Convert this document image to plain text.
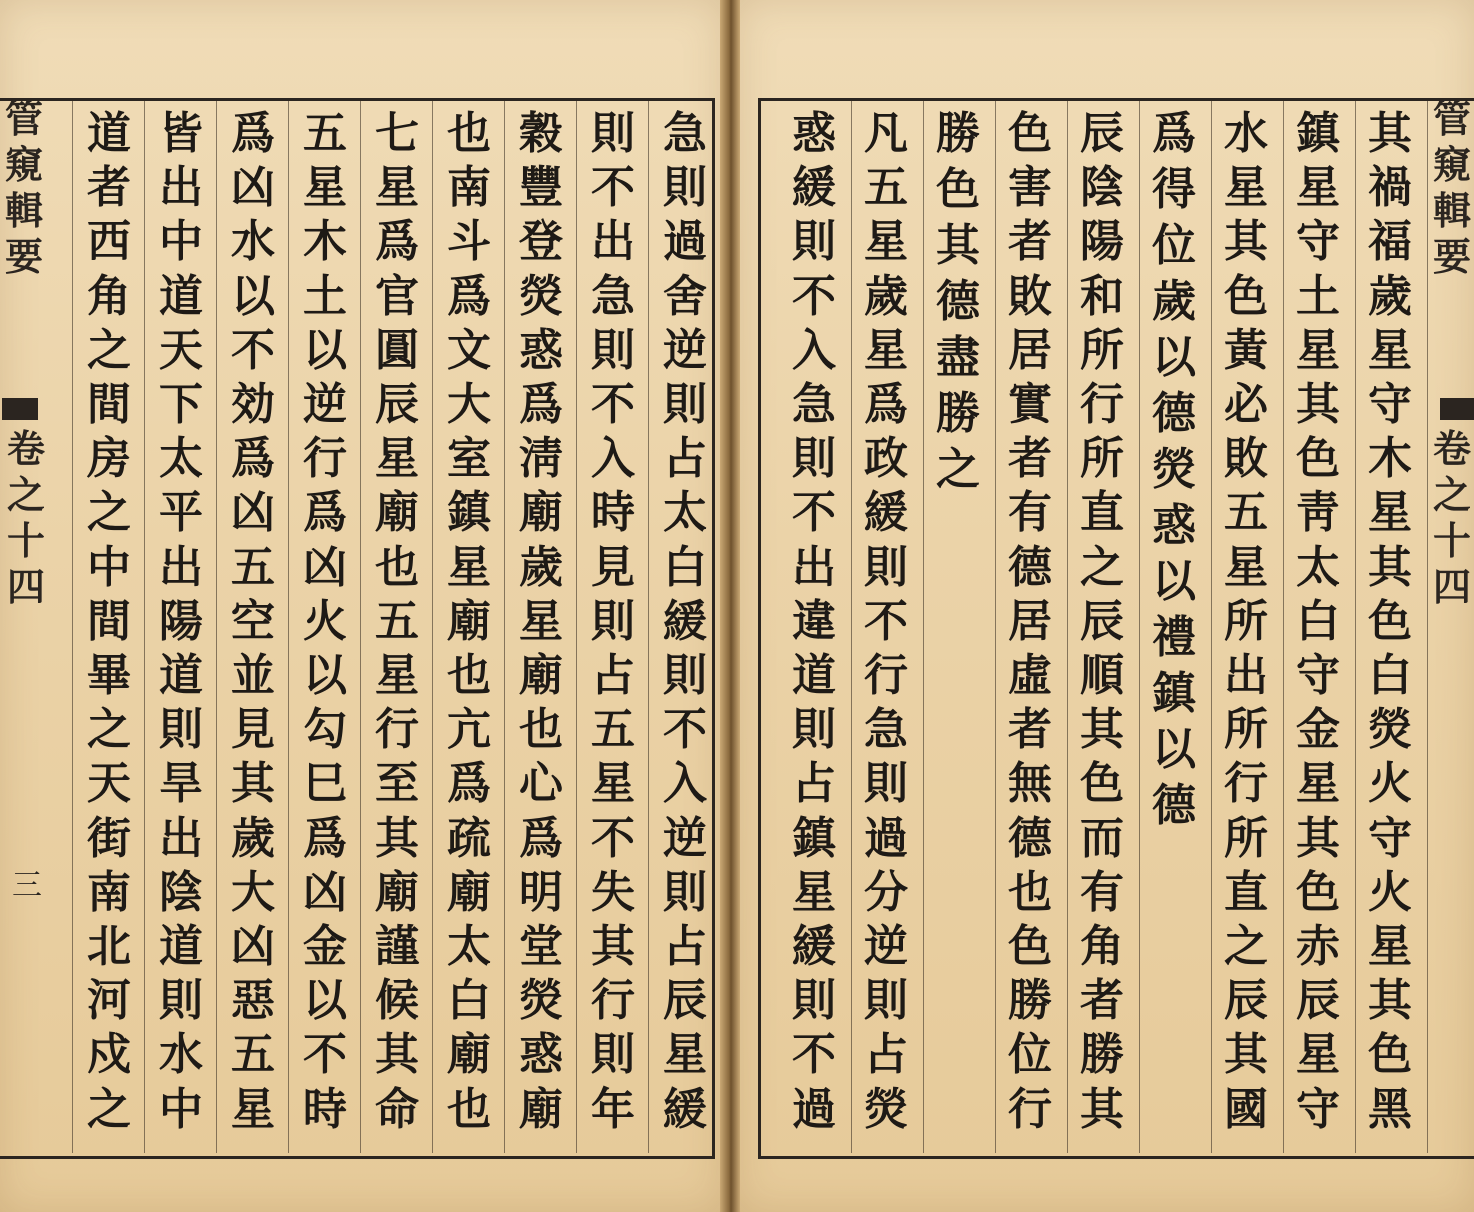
管
窺
輯
要
卷
之
十
四
三
管
窺
輯
要
卷
之
十
四
急
則
過
舍
逆
則
占
太
白
緩
則
不
入
逆
則
占
辰
星
緩
則
不
出
急
則
不
入
時
見
則
占
五
星
不
失
其
行
則
年
穀
豐
登
熒
惑
爲
淸
廟
歲
星
廟
也
心
爲
明
堂
熒
惑
廟
也
南
斗
爲
文
大
室
鎮
星
廟
也
亢
爲
疏
廟
太
白
廟
也
七
星
爲
官
圓
辰
星
廟
也
五
星
行
至
其
廟
謹
候
其
命
五
星
木
土
以
逆
行
爲
凶
火
以
勾
巳
爲
凶
金
以
不
時
爲
凶
水
以
不
効
爲
凶
五
空
並
見
其
歲
大
凶
惡
五
星
皆
出
中
道
天
下
太
平
出
陽
道
則
旱
出
陰
道
則
水
中
道
者
西
角
之
間
房
之
中
間
畢
之
天
街
南
北
河
戍
之
其
禍
福
歲
星
守
木
星
其
色
白
熒
火
守
火
星
其
色
黑
鎮
星
守
土
星
其
色
靑
太
白
守
金
星
其
色
赤
辰
星
守
水
星
其
色
黃
必
敗
五
星
所
出
所
行
所
直
之
辰
其
國
爲
得
位
歲
以
德
熒
惑
以
禮
鎮
以
德
辰
陰
陽
和
所
行
所
直
之
辰
順
其
色
而
有
角
者
勝
其
色
害
者
敗
居
實
者
有
德
居
虛
者
無
德
也
色
勝
位
行
勝
色
其
德
盡
勝
之
凡
五
星
歲
星
爲
政
緩
則
不
行
急
則
過
分
逆
則
占
熒
惑
緩
則
不
入
急
則
不
出
違
道
則
占
鎮
星
緩
則
不
過
